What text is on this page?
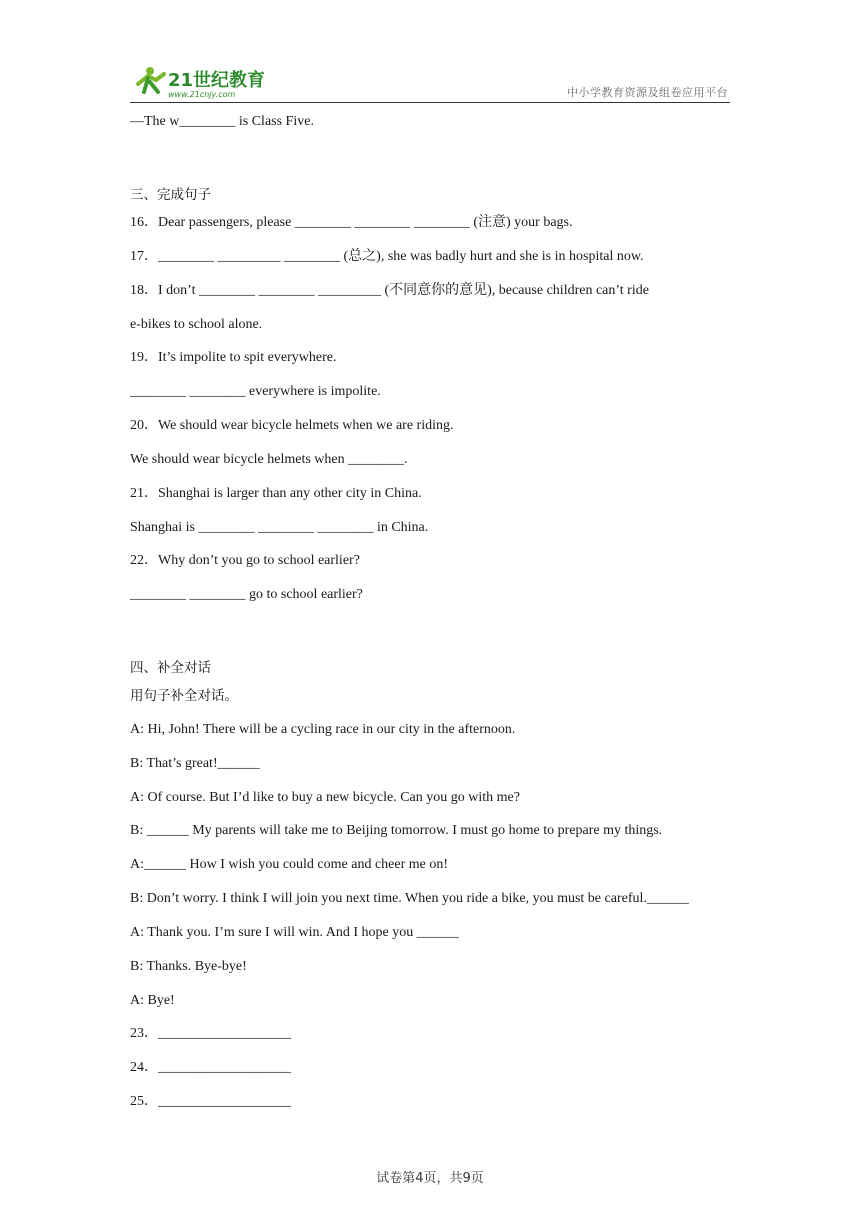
21世纪教育
www.21cnjy.com	中小学教育资源及组卷应用平台
—The w________ is Class Five.
三、完成句子
16．Dear passengers, please ________ ________ ________ (注意) your bags.
17．________ _________ ________ (总之), she was badly hurt and she is in hospital now.
18．I don’t ________ ________ _________ (不同意你的意见), because children can’t ride
e-bikes to school alone.
19．It’s impolite to spit everywhere.
________ ________ everywhere is impolite.
20．We should wear bicycle helmets when we are riding.
We should wear bicycle helmets when ________.
21．Shanghai is larger than any other city in China.
Shanghai is ________ ________ ________ in China.
22．Why don’t you go to school earlier?
________ ________ go to school earlier?
四、补全对话
用句子补全对话。
A: Hi, John! There will be a cycling race in our city in the afternoon.
B: That’s great!______
A: Of course. But I’d like to buy a new bicycle. Can you go with me?
B: ______ My parents will take me to Beijing tomorrow. I must go home to prepare my things.
A:______ How I wish you could come and cheer me on!
B: Don’t worry. I think I will join you next time. When you ride a bike, you must be careful.______
A: Thank you. I’m sure I will win. And I hope you ______
B: Thanks. Bye-bye!
A: Bye!
23．___________________
24．___________________
25．___________________
试卷第4页，共9页
